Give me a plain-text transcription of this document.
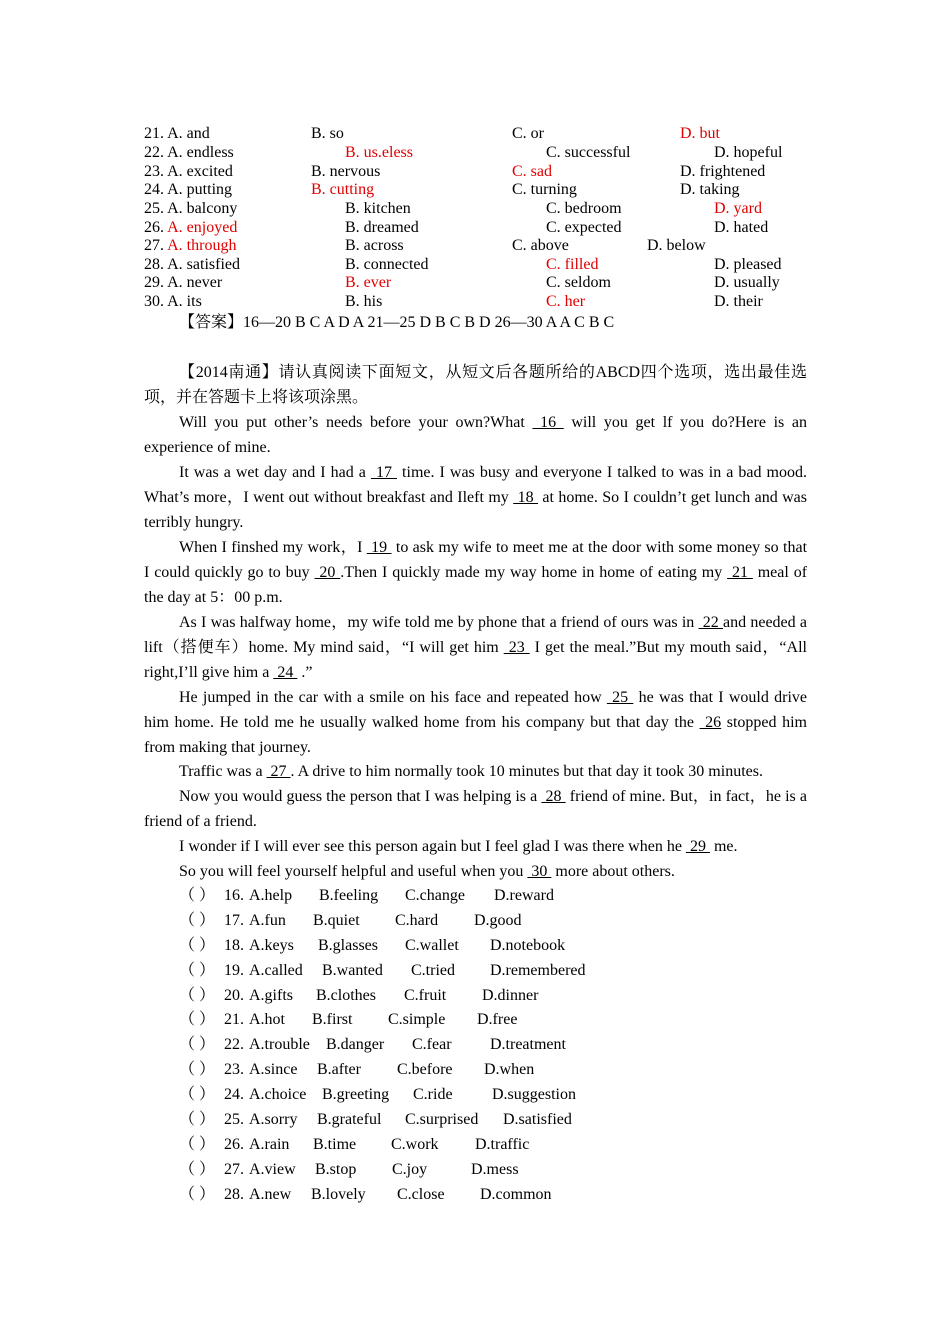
21. A. and	B. so	C. or	D. but
22. A. endless	B. us.eless	C. successful	D. hopeful
23. A. excited	B. nervous	C. sad	D. frightened
24. A. putting	B. cutting	C. turning	D. taking
25. A. balcony	B. kitchen	C. bedroom	D. yard
26. A. enjoyed	B. dreamed	C. expected	D. hated
27. A. through	B. across	C. above	D. below
28. A. satisfied	B. connected	C. filled	D. pleased
29. A. never	B. ever	C. seldom	D. usually
30. A. its	B. his	C. her	D. their
【答案】16—20 B C A D A 21—25 D B C B D 26—30 A A C B C

【2014南通】请认真阅读下面短文，从短文后各题所给的ABCD四个选项，选出最佳选项，并在答题卡上将该项涂黑。

Will you put other’s needs before your own?What  16  will you get lf you do?Here is an experience of mine.

It was a wet day and I had a  17  time. I was busy and everyone I talked to was in a bad mood. What’s more，I went out without breakfast and Ileft my  18  at home. So I couldn’t get lunch and was terribly hungry.

When I finshed my work，I  19  to ask my wife to meet me at the door with some money so that I could quickly go to buy  20 .Then I quickly made my way home in home of eating my  21  meal of the day at 5：00 p.m.

As I was halfway home，my wife told me by phone that a friend of ours was in  22 and needed a lift（搭便车）home. My mind said，“I will get him  23  I get the meal.”But my mouth said，“All right,I’ll give him a  24  .”

He jumped in the car with a smile on his face and repeated how  25  he was that I would drive him home. He told me he usually walked home from his company but that day the  26 stopped him from making that journey.

Traffic was a  27 . A drive to him normally took 10 minutes but that day it took 30 minutes.

Now you would guess the person that I was helping is a  28  friend of mine. But，in fact，he is a friend of a friend.

I wonder if I will ever see this person again but I feel glad I was there when he  29  me.

So you will feel yourself helpful and useful when you  30  more about others.

（ ） 16. A.help B.feeling C.change D.reward
（ ） 17. A.fun B.quiet C.hard D.good
（ ） 18. A.keys B.glasses C.wallet D.notebook
（ ） 19. A.called B.wanted C.tried D.remembered
（ ） 20. A.gifts B.clothes C.fruit D.dinner
（ ） 21. A.hot B.first C.simple D.free
（ ） 22. A.trouble B.danger C.fear D.treatment
（ ） 23. A.since B.after C.before D.when
（ ） 24. A.choice B.greeting C.ride D.suggestion
（ ） 25. A.sorry B.grateful C.surprised D.satisfied
（ ） 26. A.rain B.time C.work D.traffic
（ ） 27. A.view B.stop C.joy	D.mess
（ ） 28. A.new B.lovely C.close D.common
